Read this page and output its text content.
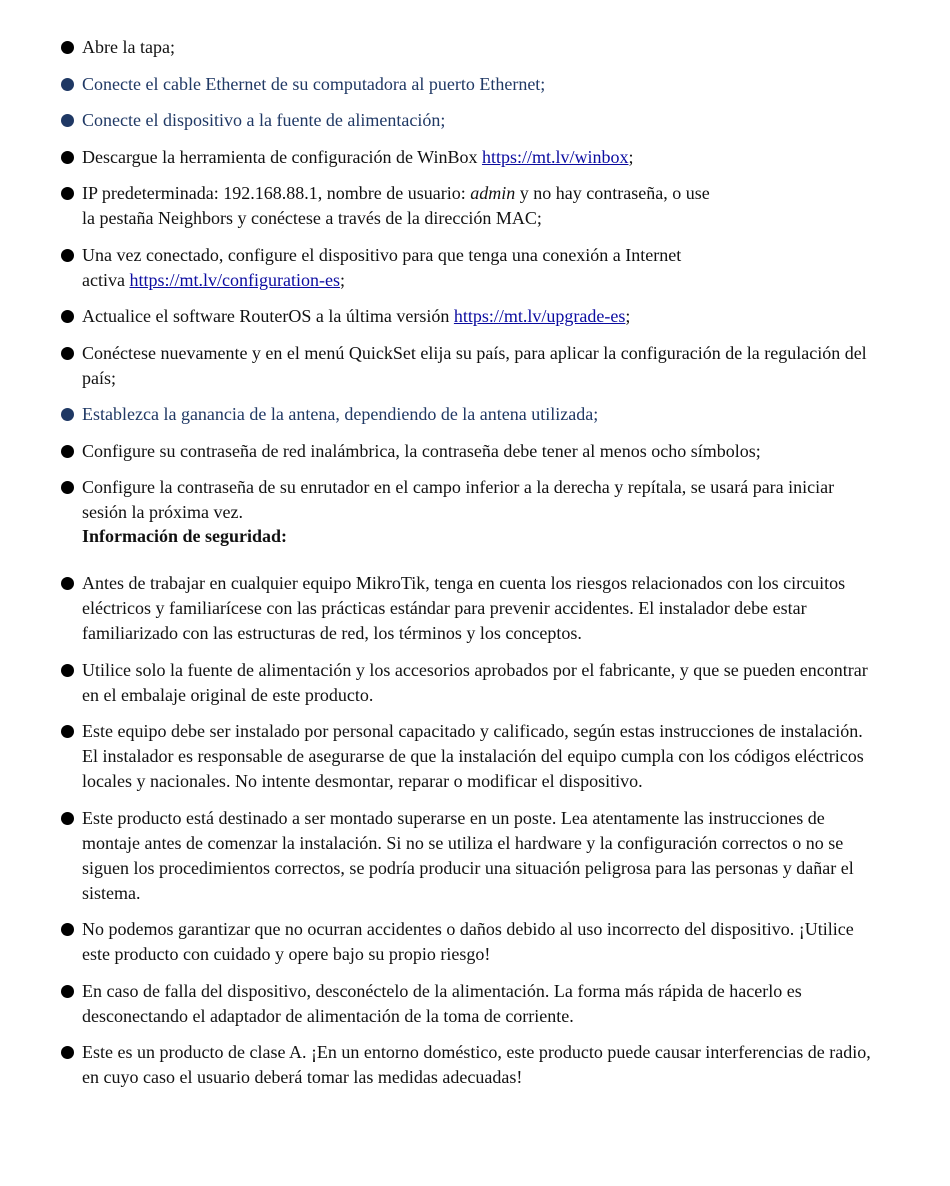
Abre la tapa;
Conecte el cable Ethernet de su computadora al puerto Ethernet;
Conecte el dispositivo a la fuente de alimentación;
Descargue la herramienta de configuración de WinBox https://mt.lv/winbox;
IP predeterminada: 192.168.88.1, nombre de usuario: admin y no hay contraseña, o use
la pestaña Neighbors y conéctese a través de la dirección MAC;
Una vez conectado, configure el dispositivo para que tenga una conexión a Internet
activa https://mt.lv/configuration-es;
Actualice el software RouterOS a la última versión https://mt.lv/upgrade-es;
Conéctese nuevamente y en el menú QuickSet elija su país, para aplicar la configuración de la regulación del país;
Establezca la ganancia de la antena, dependiendo de la antena utilizada;
Configure su contraseña de red inalámbrica, la contraseña debe tener al menos ocho símbolos;
Configure la contraseña de su enrutador en el campo inferior a la derecha y repítala, se usará para iniciar sesión la próxima vez.
Información de seguridad:
Antes de trabajar en cualquier equipo MikroTik, tenga en cuenta los riesgos relacionados con los circuitos eléctricos y familiarícese con las prácticas estándar para prevenir accidentes. El instalador debe estar familiarizado con las estructuras de red, los términos y los conceptos.
Utilice solo la fuente de alimentación y los accesorios aprobados por el fabricante, y que se pueden encontrar en el embalaje original de este producto.
Este equipo debe ser instalado por personal capacitado y calificado, según estas instrucciones de instalación. El instalador es responsable de asegurarse de que la instalación del equipo cumpla con los códigos eléctricos locales y nacionales. No intente desmontar, reparar o modificar el dispositivo.
Este producto está destinado a ser montado superarse en un poste. Lea atentamente las instrucciones de montaje antes de comenzar la instalación. Si no se utiliza el hardware y la configuración correctos o no se siguen los procedimientos correctos, se podría producir una situación peligrosa para las personas y dañar el sistema.
No podemos garantizar que no ocurran accidentes o daños debido al uso incorrecto del dispositivo. ¡Utilice este producto con cuidado y opere bajo su propio riesgo!
En caso de falla del dispositivo, desconéctelo de la alimentación. La forma más rápida de hacerlo es desconectando el adaptador de alimentación de la toma de corriente.
Este es un producto de clase A. ¡En un entorno doméstico, este producto puede causar interferencias de radio, en cuyo caso el usuario deberá tomar las medidas adecuadas!
